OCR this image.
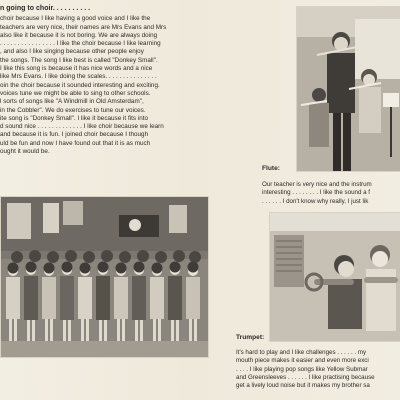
n going to choir. . . . . . . . . .

choir because I like having a good voice and I like the

teachers are very nice, their names are Mrs Evans and Mrs

also like it because it is not boring. We are always doing

. . . . . . . . . . . . . . . . I like the choir because I like learning

, and also I like singing because other people enjoy

the songs. The song I like best is called "Donkey Small".

I like this song is because it has nice words and a nice

like Mrs Evans. I like doing the scales. . . . . . . . . . . . . . .

oin the choir because it sounded interesting and exciting.

voices tune we might be able to sing to other schools.

l sorts of songs like "A Windmill in Old Amsterdam",

in the Cobbler". We do exercises to tune our voices.

ite song is "Donkey Small". I like it because it fits into

d sound nice . . . . . . . . . . . . . I like choir because we learn

and because it is fun. I joined choir because I though

uld be fun and now I have found out that it is as much

ought it would be.

Flute:
Our teacher is very nice and the instrum
interesting . . . . . . . . I like the sound a f
. . . . . . I don't know why really, I just lik
Trumpet:
It's hard to play and I like challenges . . . . . . my
mouth piece makes it easier and even more exci
. . . . I like playing pop songs like Yellow Submar
and Greensleeves . . . . . . I like practising because
get a lively loud noise but it makes my brother sa
